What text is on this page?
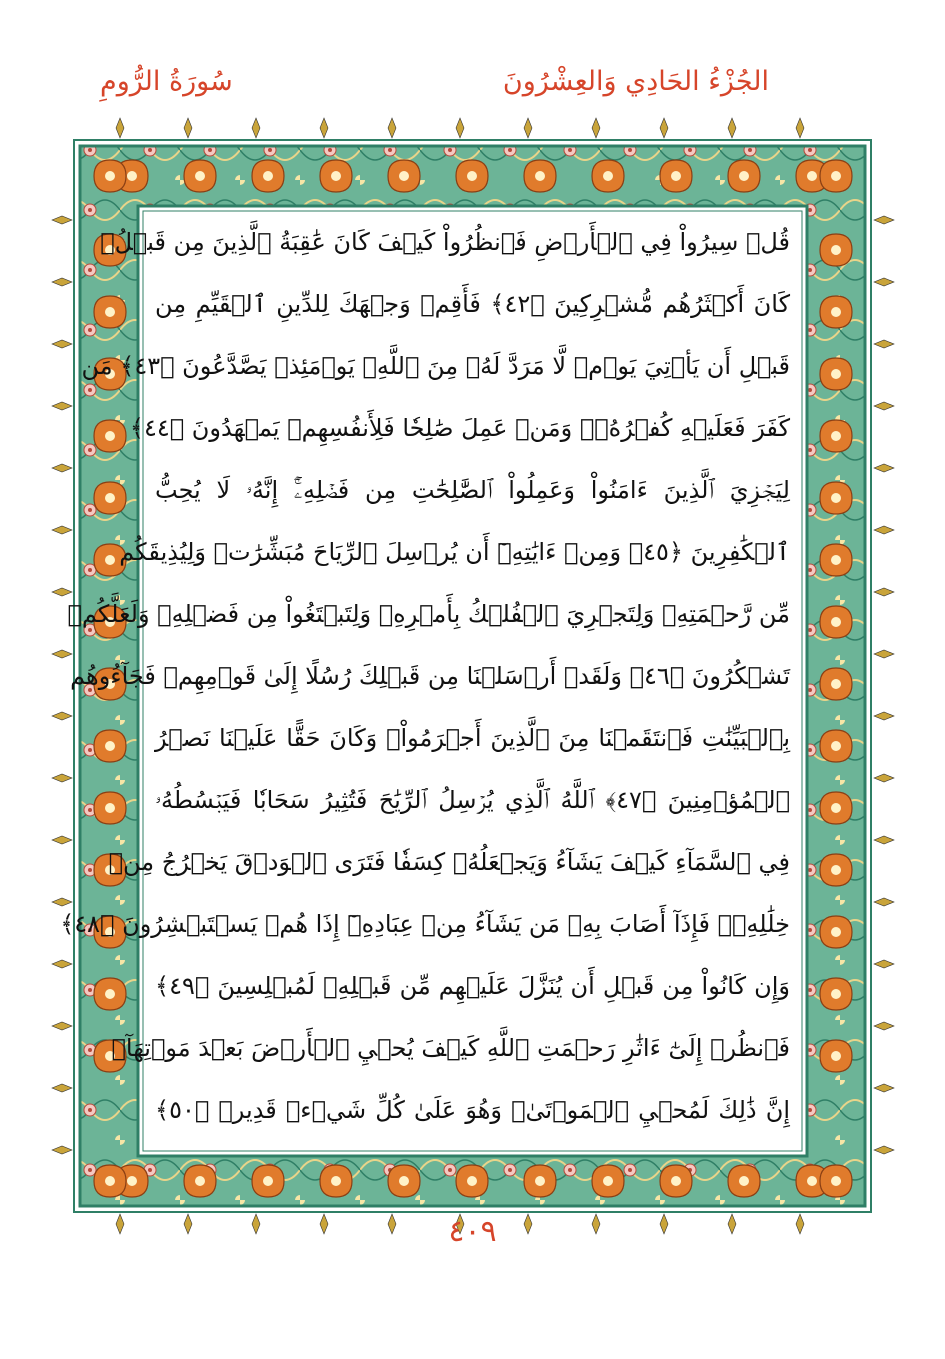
الجُزْءُ الحَادِي وَالعِشْرُونَ
سُورَةُ الرُّومِ
قُلۡ سِيرُواْ فِي ٱلۡأَرۡضِ فَٱنظُرُواْ كَيۡفَ كَانَ عَٰقِبَةُ ٱلَّذِينَ مِن قَبۡلُۚ
كَانَ أَكۡثَرُهُم مُّشۡرِكِينَ ﴿٤٢﴾ فَأَقِمۡ وَجۡهَكَ لِلدِّينِ ٱلۡقَيِّمِ مِن
قَبۡلِ أَن يَأۡتِيَ يَوۡمٞ لَّا مَرَدَّ لَهُۥ مِنَ ٱللَّهِۖ يَوۡمَئِذٖ يَصَّدَّعُونَ ﴿٤٣﴾ مَن
كَفَرَ فَعَلَيۡهِ كُفۡرُهُۥۖ وَمَنۡ عَمِلَ صَٰلِحٗا فَلِأَنفُسِهِمۡ يَمۡهَدُونَ ﴿٤٤﴾
لِيَجۡزِيَ ٱلَّذِينَ ءَامَنُواْ وَعَمِلُواْ ٱلصَّٰلِحَٰتِ مِن فَضۡلِهِۦٓۚ إِنَّهُۥ لَا يُحِبُّ
ٱلۡكَٰفِرِينَ ﴿٤٥﴾ وَمِنۡ ءَايَٰتِهِۦٓ أَن يُرۡسِلَ ٱلرِّيَاحَ مُبَشِّرَٰتٖ وَلِيُذِيقَكُم
مِّن رَّحۡمَتِهِۦ وَلِتَجۡرِيَ ٱلۡفُلۡكُ بِأَمۡرِهِۦ وَلِتَبۡتَغُواْ مِن فَضۡلِهِۦ وَلَعَلَّكُمۡ
تَشۡكُرُونَ ﴿٤٦﴾ وَلَقَدۡ أَرۡسَلۡنَا مِن قَبۡلِكَ رُسُلًا إِلَىٰ قَوۡمِهِمۡ فَجَآءُوهُم
بِٱلۡبَيِّنَٰتِ فَٱنتَقَمۡنَا مِنَ ٱلَّذِينَ أَجۡرَمُواْۖ وَكَانَ حَقًّا عَلَيۡنَا نَصۡرُ
ٱلۡمُؤۡمِنِينَ ﴿٤٧﴾ ٱللَّهُ ٱلَّذِي يُرۡسِلُ ٱلرِّيَٰحَ فَتُثِيرُ سَحَابٗا فَيَبۡسُطُهُۥ
فِي ٱلسَّمَآءِ كَيۡفَ يَشَآءُ وَيَجۡعَلُهُۥ كِسَفٗا فَتَرَى ٱلۡوَدۡقَ يَخۡرُجُ مِنۡ
خِلَٰلِهِۦۖ فَإِذَآ أَصَابَ بِهِۦ مَن يَشَآءُ مِنۡ عِبَادِهِۦٓ إِذَا هُمۡ يَسۡتَبۡشِرُونَ ﴿٤٨﴾
وَإِن كَانُواْ مِن قَبۡلِ أَن يُنَزَّلَ عَلَيۡهِم مِّن قَبۡلِهِۦ لَمُبۡلِسِينَ ﴿٤٩﴾
فَٱنظُرۡ إِلَىٰٓ ءَاثَٰرِ رَحۡمَتِ ٱللَّهِ كَيۡفَ يُحۡيِ ٱلۡأَرۡضَ بَعۡدَ مَوۡتِهَآۚ
إِنَّ ذَٰلِكَ لَمُحۡيِ ٱلۡمَوۡتَىٰۖ وَهُوَ عَلَىٰ كُلِّ شَيۡءٖ قَدِيرٞ ﴿٥٠﴾
٤٠٩
